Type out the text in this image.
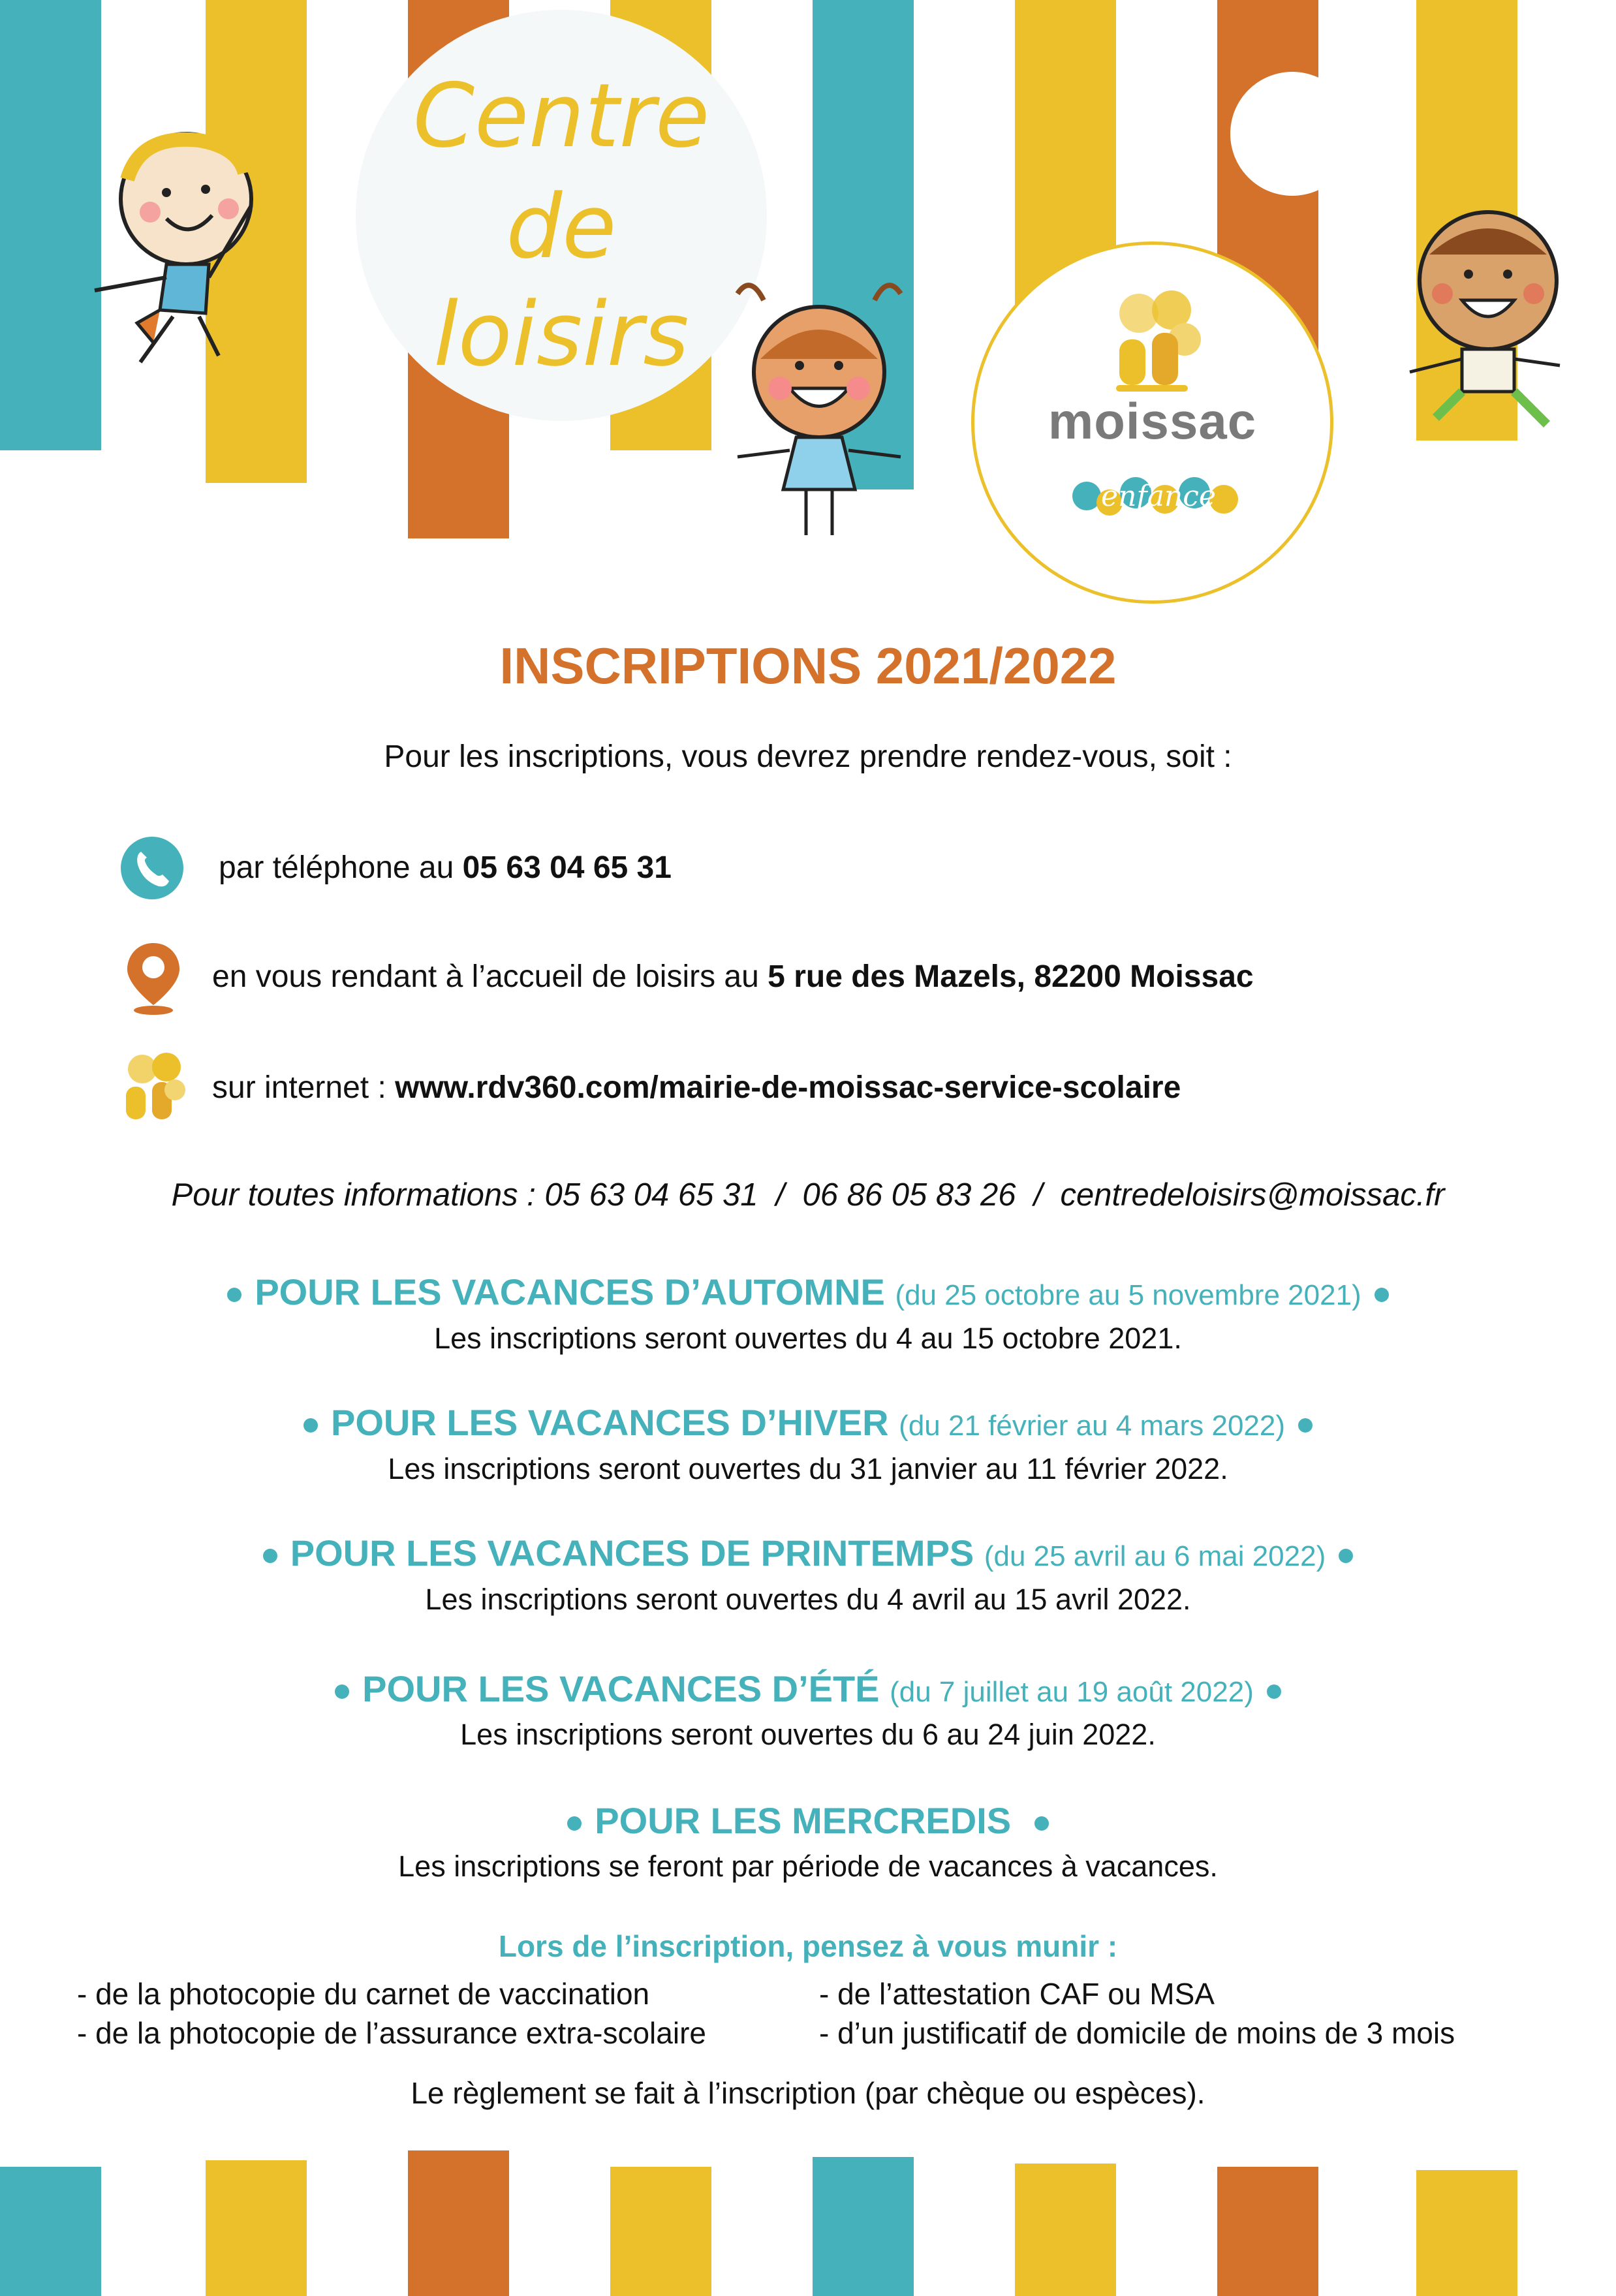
Centre
de
loisirs
moissac
enfance
INSCRIPTIONS 2021/2022
Pour les inscriptions, vous devrez prendre rendez-vous, soit :
par téléphone au 05 63 04 65 31
en vous rendant à l’accueil de loisirs au 5 rue des Mazels, 82200 Moissac
sur internet : www.rdv360.com/mairie-de-moissac-service-scolaire
Pour toutes informations : 05 63 04 65 31  /  06 86 05 83 26  /  centredeloisirs@moissac.fr
POUR LES VACANCES D’AUTOMNE (du 25 octobre au 5 novembre 2021)
Les inscriptions seront ouvertes du 4 au 15 octobre 2021.
POUR LES VACANCES D’HIVER (du 21 février au 4 mars 2022)
Les inscriptions seront ouvertes du 31 janvier au 11 février 2022.
POUR LES VACANCES DE PRINTEMPS (du 25 avril au 6 mai 2022)
Les inscriptions seront ouvertes du 4 avril au 15 avril 2022.
POUR LES VACANCES D’ÉTÉ (du 7 juillet au 19 août 2022)
Les inscriptions seront ouvertes du 6 au 24 juin 2022.
POUR LES MERCREDIS
Les inscriptions se feront par période de vacances à vacances.
Lors de l’inscription, pensez à vous munir :
- de la photocopie du carnet de vaccination
- de la photocopie de l’assurance extra-scolaire
- de l’attestation CAF ou MSA
- d’un justificatif de domicile de moins de 3 mois
Le règlement se fait à l’inscription (par chèque ou espèces).
